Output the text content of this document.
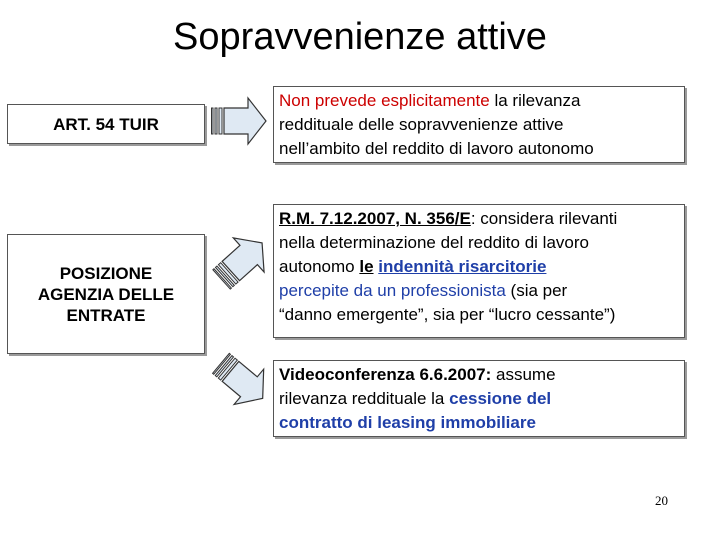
Sopravvenienze attive
ART. 54 TUIR
POSIZIONE
AGENZIA DELLE
ENTRATE
Non prevede esplicitamente la rilevanza
reddituale delle sopravvenienze attive
nell’ambito del reddito di lavoro autonomo
R.M. 7.12.2007, N. 356/E: considera rilevanti
nella determinazione del reddito di lavoro
autonomo le indennità risarcitorie
percepite da un professionista (sia per
“danno emergente”, sia per “lucro cessante”)
Videoconferenza 6.6.2007: assume
rilevanza reddituale la cessione del
contratto di leasing immobiliare
20
